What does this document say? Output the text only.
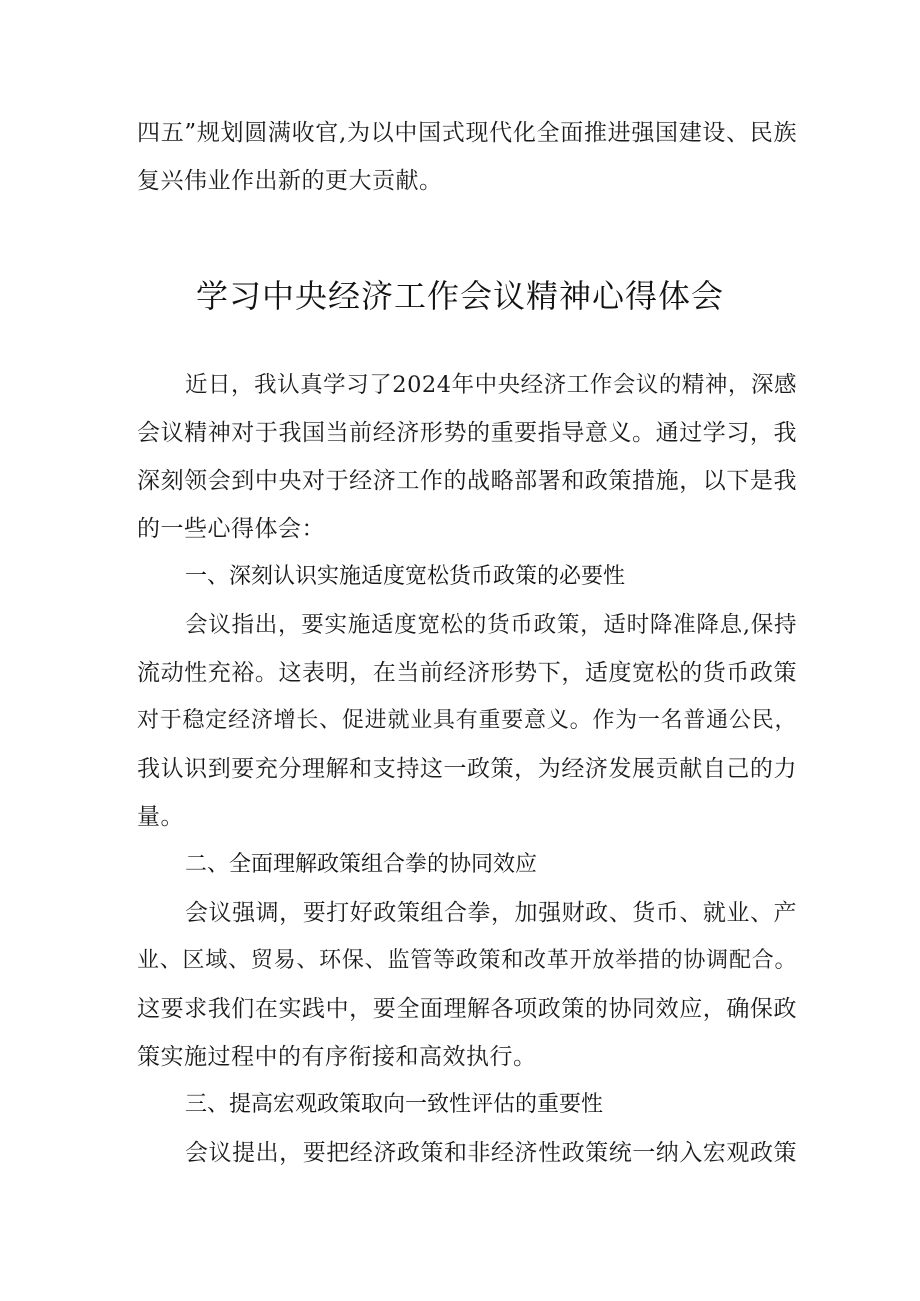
四五”规划圆满收官,为以中国式现代化全面推进强国建设、民族
复兴伟业作出新的更大贡献。
学习中央经济工作会议精神心得体会
近日，我认真学习了2024年中央经济工作会议的精神，深感
会议精神对于我国当前经济形势的重要指导意义。通过学习，我
深刻领会到中央对于经济工作的战略部署和政策措施，以下是我
的一些心得体会：
一、深刻认识实施适度宽松货币政策的必要性
会议指出，要实施适度宽松的货币政策，适时降准降息,保持
流动性充裕。这表明，在当前经济形势下，适度宽松的货币政策
对于稳定经济增长、促进就业具有重要意义。作为一名普通公民，
我认识到要充分理解和支持这一政策，为经济发展贡献自己的力
量。
二、全面理解政策组合拳的协同效应
会议强调，要打好政策组合拳，加强财政、货币、就业、产
业、区域、贸易、环保、监管等政策和改革开放举措的协调配合。
这要求我们在实践中，要全面理解各项政策的协同效应，确保政
策实施过程中的有序衔接和高效执行。
三、提高宏观政策取向一致性评估的重要性
会议提出，要把经济政策和非经济性政策统一纳入宏观政策
